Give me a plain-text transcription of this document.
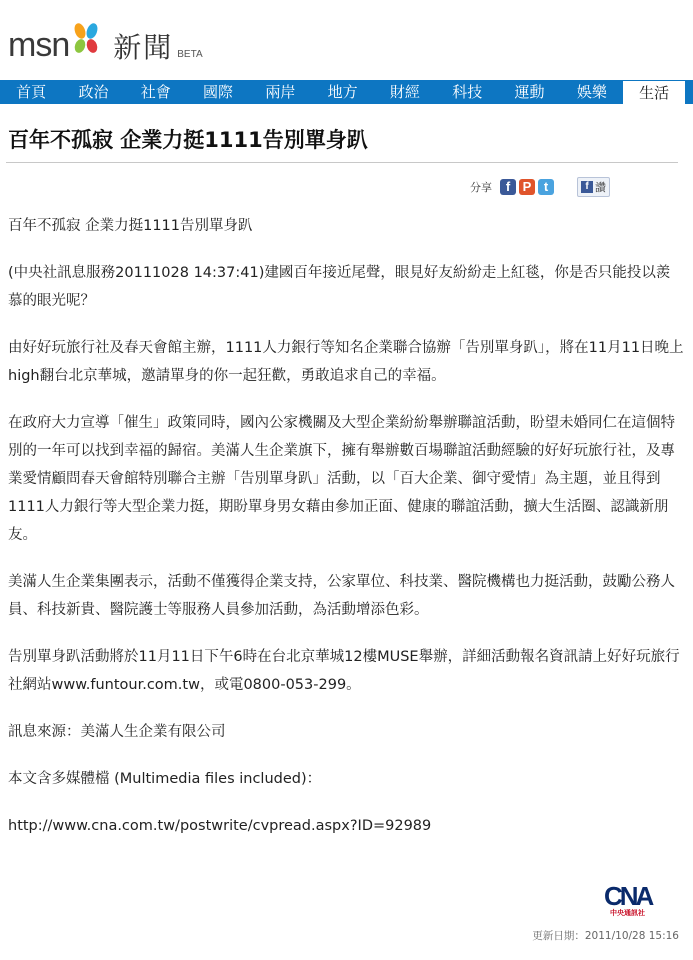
msn 新聞 BETA
首頁	政治	社會	國際	兩岸	地方	財經	科技	運動	娛樂	生活
百年不孤寂 企業力挺1111告別單身趴
分享	f P t	f 讚

百年不孤寂 企業力挺1111告別單身趴

(中央社訊息服務20111028 14:37:41)建國百年接近尾聲，眼見好友紛紛走上紅毯，你是否只能投以羨慕的眼光呢？

由好好玩旅行社及春天會館主辦，1111人力銀行等知名企業聯合協辦「告別單身趴」，將在11月11日晚上high翻台北京華城，邀請單身的你一起狂歡，勇敢追求自己的幸福。

在政府大力宣導「催生」政策同時，國內公家機關及大型企業紛紛舉辦聯誼活動，盼望未婚同仁在這個特別的一年可以找到幸福的歸宿。美滿人生企業旗下，擁有舉辦數百場聯誼活動經驗的好好玩旅行社，及專業愛情顧問春天會館特別聯合主辦「告別單身趴」活動，以「百大企業、御守愛情」為主題，並且得到1111人力銀行等大型企業力挺，期盼單身男女藉由參加正面、健康的聯誼活動，擴大生活圈、認識新朋友。

美滿人生企業集團表示，活動不僅獲得企業支持，公家單位、科技業、醫院機構也力挺活動，鼓勵公務人員、科技新貴、醫院護士等服務人員參加活動，為活動增添色彩。

告別單身趴活動將於11月11日下午6時在台北京華城12樓MUSE舉辦，詳細活動報名資訊請上好好玩旅行社網站www.funtour.com.tw，或電0800-053-299。

訊息來源：美滿人生企業有限公司

本文含多媒體檔 (Multimedia files included)：

http://www.cna.com.tw/postwrite/cvpread.aspx?ID=92989

CNA
中央通訊社
更新日期：2011/10/28 15:16
